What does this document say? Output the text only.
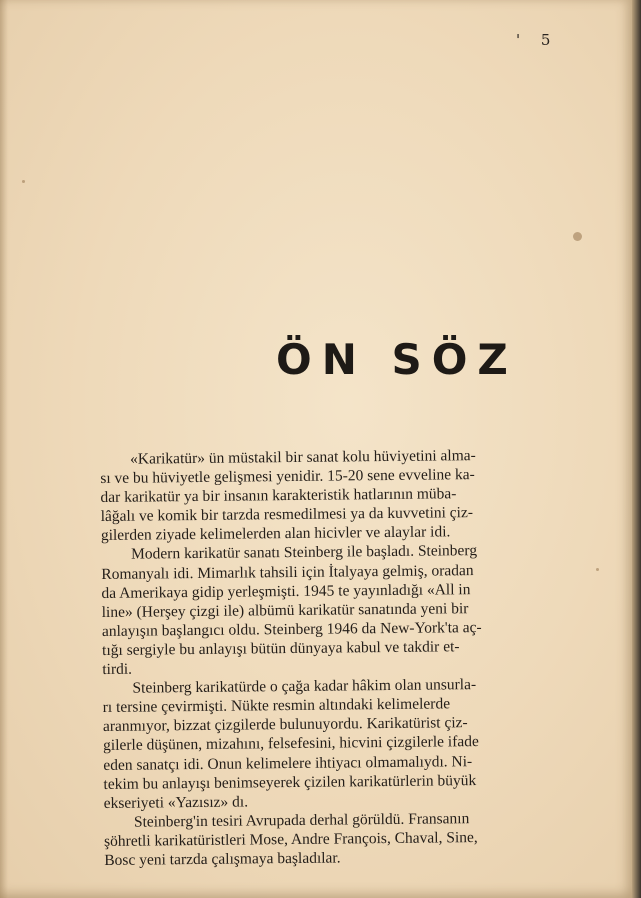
' 5
ÖN SÖZ

«Karikatür» ün müstakil bir sanat kolu hüviyetini alma-
sı ve bu hüviyetle gelişmesi yenidir. 15-20 sene evveline ka-
dar karikatür ya bir insanın karakteristik hatlarının müba-
lâğalı ve komik bir tarzda resmedilmesi ya da kuvvetini çiz-
gilerden ziyade kelimelerden alan hicivler ve alaylar idi.

Modern karikatür sanatı Steinberg ile başladı. Steinberg
Romanyalı idi. Mimarlık tahsili için İtalyaya gelmiş, oradan
da Amerikaya gidip yerleşmişti. 1945 te yayınladığı «All in
line» (Herşey çizgi ile) albümü karikatür sanatında yeni bir
anlayışın başlangıcı oldu. Steinberg 1946 da New-York'ta aç-
tığı sergiyle bu anlayışı bütün dünyaya kabul ve takdir et-
tirdi.

Steinberg karikatürde o çağa kadar hâkim olan unsurla-
rı tersine çevirmişti. Nükte resmin altındaki kelimelerde
aranmıyor, bizzat çizgilerde bulunuyordu. Karikatürist çiz-
gilerle düşünen, mizahını, felsefesini, hicvini çizgilerle ifade
eden sanatçı idi. Onun kelimelere ihtiyacı olmamalıydı. Ni-
tekim bu anlayışı benimseyerek çizilen karikatürlerin büyük
ekseriyeti «Yazısız» dı.

Steinberg'in tesiri Avrupada derhal görüldü. Fransanın
şöhretli karikatüristleri Mose, Andre François, Chaval, Sine,
Bosc yeni tarzda çalışmaya başladılar.
